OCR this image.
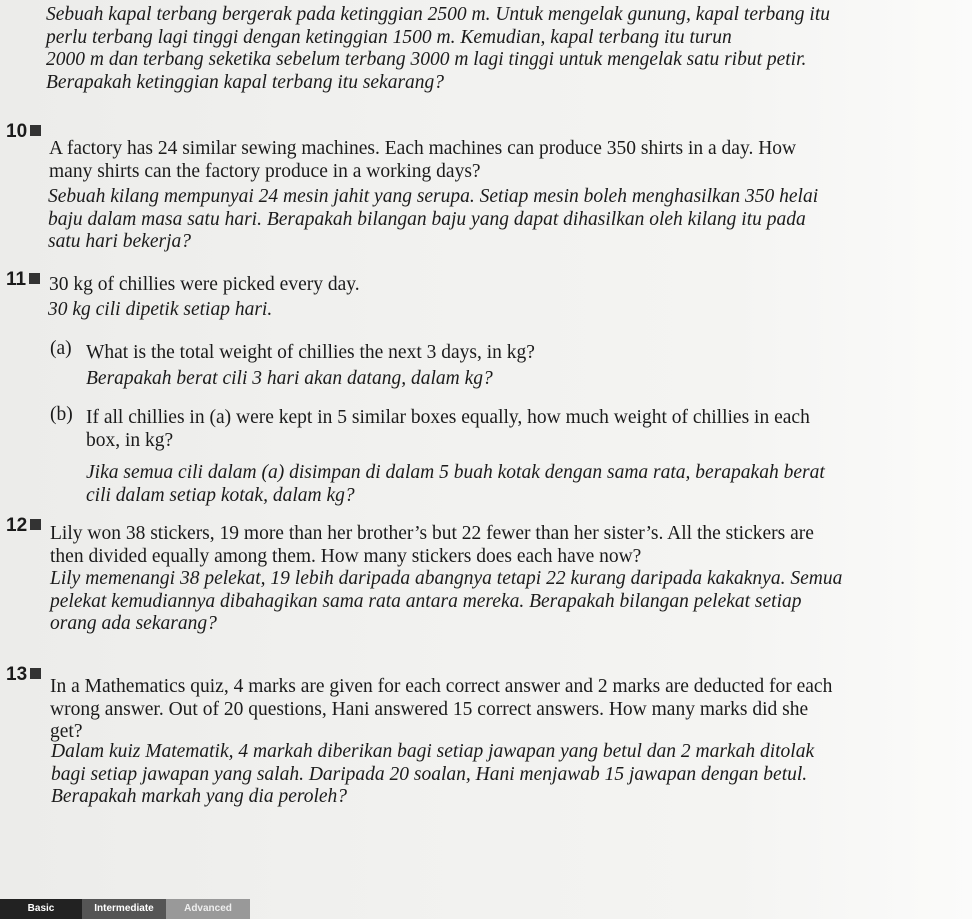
Sebuah kapal terbang bergerak pada ketinggian 2500 m. Untuk mengelak gunung, kapal terbang itu
perlu terbang lagi tinggi dengan ketinggian 1500 m. Kemudian, kapal terbang itu turun
2000 m dan terbang seketika sebelum terbang 3000 m lagi tinggi untuk mengelak satu ribut petir.
Berapakah ketinggian kapal terbang itu sekarang?
10
A factory has 24 similar sewing machines. Each machines can produce 350 shirts in a day. How
many shirts can the factory produce in a working days?
Sebuah kilang mempunyai 24 mesin jahit yang serupa. Setiap mesin boleh menghasilkan 350 helai
baju dalam masa satu hari. Berapakah bilangan baju yang dapat dihasilkan oleh kilang itu pada
satu hari bekerja?
11	30 kg of chillies were picked every day.
30 kg cili dipetik setiap hari.
(a) What is the total weight of chillies the next 3 days, in kg?
Berapakah berat cili 3 hari akan datang, dalam kg?
(b) If all chillies in (a) were kept in 5 similar boxes equally, how much weight of chillies in each
box, in kg?
Jika semua cili dalam (a) disimpan di dalam 5 buah kotak dengan sama rata, berapakah berat
cili dalam setiap kotak, dalam kg?
12	Lily won 38 stickers, 19 more than her brother’s but 22 fewer than her sister’s. All the stickers are
then divided equally among them. How many stickers does each have now?
Lily memenangi 38 pelekat, 19 lebih daripada abangnya tetapi 22 kurang daripada kakaknya. Semua
pelekat kemudiannya dibahagikan sama rata antara mereka. Berapakah bilangan pelekat setiap
orang ada sekarang?
13
In a Mathematics quiz, 4 marks are given for each correct answer and 2 marks are deducted for each
wrong answer. Out of 20 questions, Hani answered 15 correct answers. How many marks did she
get?
Dalam kuiz Matematik, 4 markah diberikan bagi setiap jawapan yang betul dan 2 markah ditolak
bagi setiap jawapan yang salah. Daripada 20 soalan, Hani menjawab 15 jawapan dengan betul.
Berapakah markah yang dia peroleh?
Basic	Intermediate	Advanced
